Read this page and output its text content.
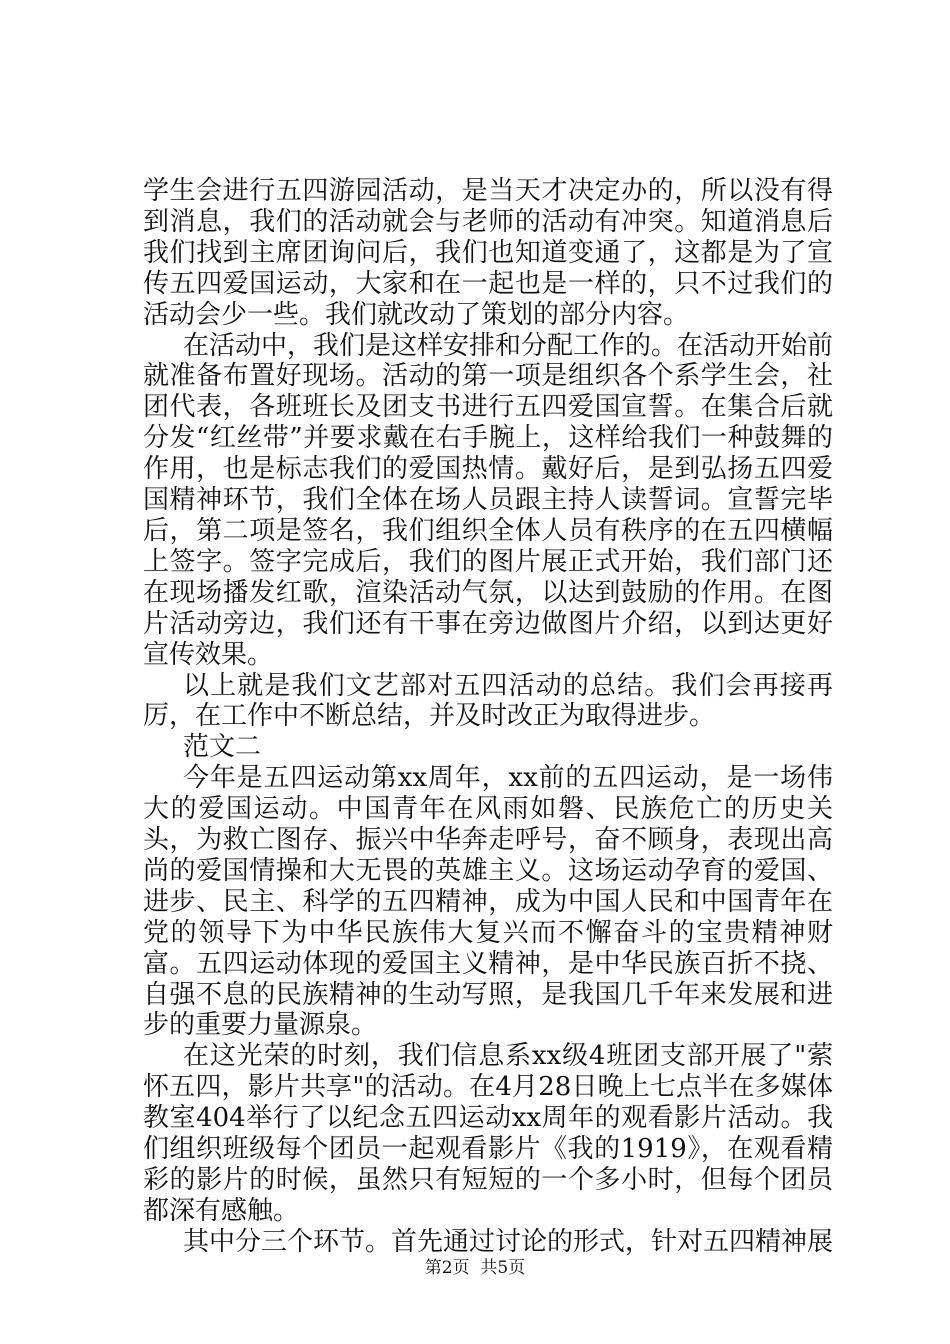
学生会进行五四游园活动，是当天才决定办的，所以没有得到消息，我们的活动就会与老师的活动有冲突。知道消息后我们找到主席团询问后，我们也知道变通了，这都是为了宣传五四爱国运动，大家和在一起也是一样的，只不过我们的活动会少一些。我们就改动了策划的部分内容。

在活动中，我们是这样安排和分配工作的。在活动开始前就准备布置好现场。活动的第一项是组织各个系学生会，社团代表，各班班长及团支书进行五四爱国宣誓。在集合后就分发“红丝带”并要求戴在右手腕上，这样给我们一种鼓舞的作用，也是标志我们的爱国热情。戴好后，是到弘扬五四爱国精神环节，我们全体在场人员跟主持人读誓词。宣誓完毕后，第二项是签名，我们组织全体人员有秩序的在五四横幅上签字。签字完成后，我们的图片展正式开始，我们部门还在现场播发红歌，渲染活动气氛，以达到鼓励的作用。在图片活动旁边，我们还有干事在旁边做图片介绍，以到达更好宣传效果。

以上就是我们文艺部对五四活动的总结。我们会再接再厉，在工作中不断总结，并及时改正为取得进步。

范文二

今年是五四运动第xx周年，xx前的五四运动，是一场伟大的爱国运动。中国青年在风雨如磐、民族危亡的历史关头，为救亡图存、振兴中华奔走呼号，奋不顾身，表现出高尚的爱国情操和大无畏的英雄主义。这场运动孕育的爱国、进步、民主、科学的五四精神，成为中国人民和中国青年在党的领导下为中华民族伟大复兴而不懈奋斗的宝贵精神财富。五四运动体现的爱国主义精神，是中华民族百折不挠、自强不息的民族精神的生动写照，是我国几千年来发展和进步的重要力量源泉。

在这光荣的时刻，我们信息系xx级4班团支部开展了"萦怀五四，影片共享"的活动。在4月28日晚上七点半在多媒体教室404举行了以纪念五四运动xx周年的观看影片活动。我们组织班级每个团员一起观看影片《我的1919》，在观看精彩的影片的时候，虽然只有短短的一个多小时，但每个团员都深有感触。

其中分三个环节。首先通过讨论的形式，针对五四精神展

第2页  共5页
